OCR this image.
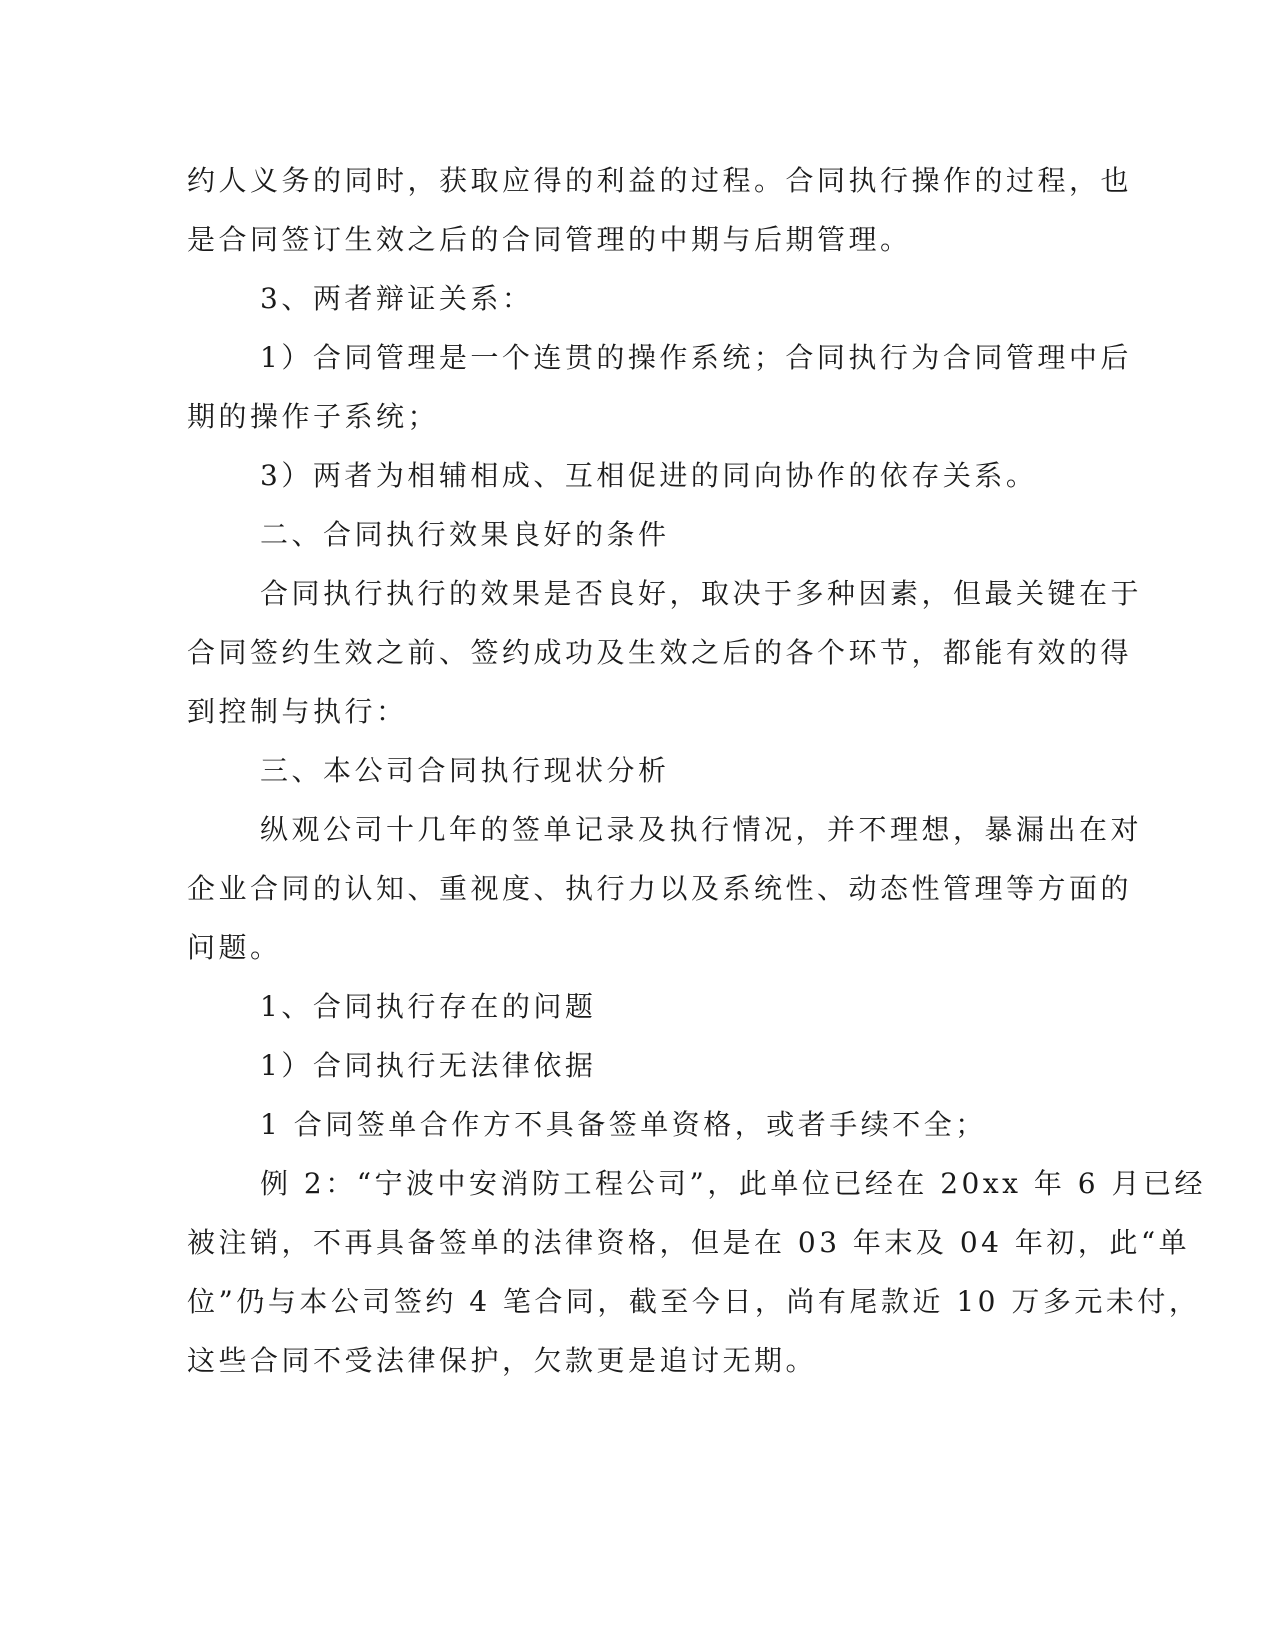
约人义务的同时，获取应得的利益的过程。合同执行操作的过程，也
是合同签订生效之后的合同管理的中期与后期管理。
3、两者辩证关系：
1）合同管理是一个连贯的操作系统；合同执行为合同管理中后
期的操作子系统；
3）两者为相辅相成、互相促进的同向协作的依存关系。
二、合同执行效果良好的条件
合同执行执行的效果是否良好，取决于多种因素，但最关键在于
合同签约生效之前、签约成功及生效之后的各个环节，都能有效的得
到控制与执行：
三、本公司合同执行现状分析
纵观公司十几年的签单记录及执行情况，并不理想，暴漏出在对
企业合同的认知、重视度、执行力以及系统性、动态性管理等方面的
问题。
1、合同执行存在的问题
1）合同执行无法律依据
1 合同签单合作方不具备签单资格，或者手续不全；
例 2：“宁波中安消防工程公司”，此单位已经在 20xx 年 6 月已经
被注销，不再具备签单的法律资格，但是在 03 年末及 04 年初，此“单
位”仍与本公司签约 4 笔合同，截至今日，尚有尾款近 10 万多元未付，
这些合同不受法律保护，欠款更是追讨无期。
